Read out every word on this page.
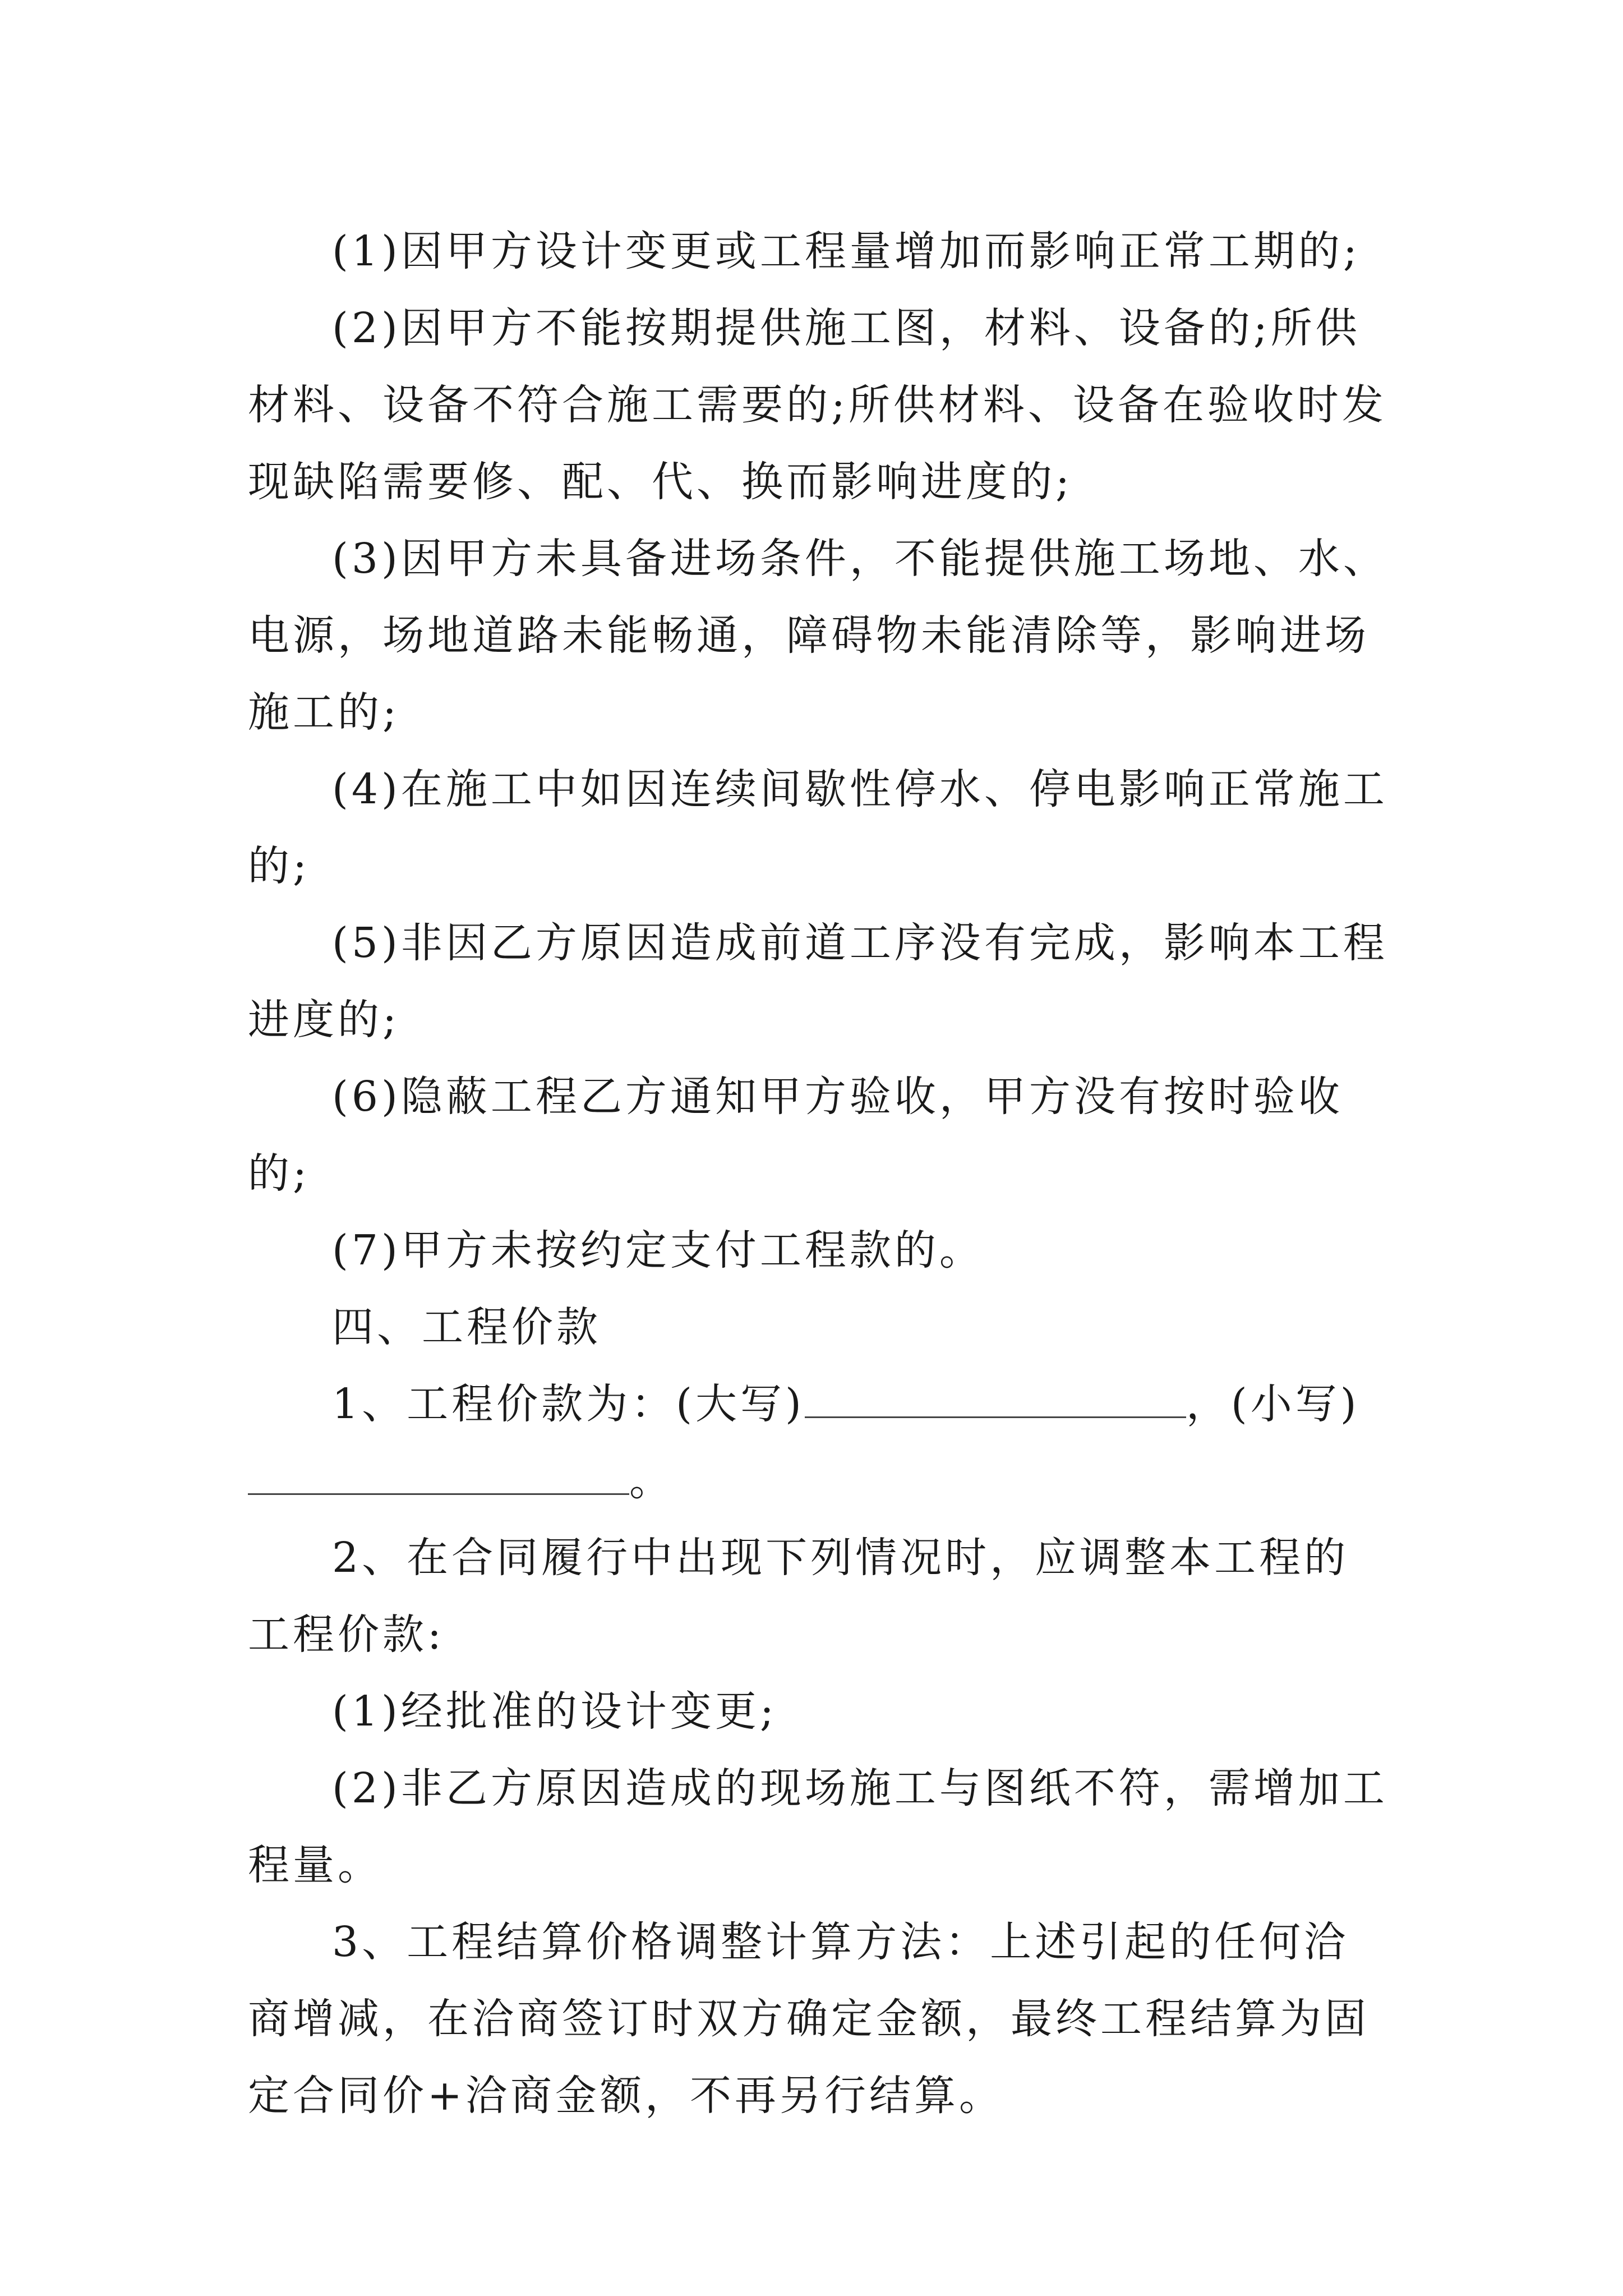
(1)因甲方设计变更或工程量增加而影响正常工期的;

(2)因甲方不能按期提供施工图，材料、设备的;所供材料、设备不符合施工需要的;所供材料、设备在验收时发现缺陷需要修、配、代、换而影响进度的;

(3)因甲方未具备进场条件，不能提供施工场地、水、电源，场地道路未能畅通，障碍物未能清除等，影响进场施工的;

(4)在施工中如因连续间歇性停水、停电影响正常施工的;

(5)非因乙方原因造成前道工序没有完成，影响本工程进度的;

(6)隐蔽工程乙方通知甲方验收，甲方没有按时验收的;

(7)甲方未按约定支付工程款的。

四、工程价款

1、工程价款为：(大写)	，(小写)。

2、在合同履行中出现下列情况时，应调整本工程的工程价款:

(1)经批准的设计变更;

(2)非乙方原因造成的现场施工与图纸不符，需增加工程量。

3、工程结算价格调整计算方法：上述引起的任何洽商增减，在洽商签订时双方确定金额，最终工程结算为固定合同价+洽商金额，不再另行结算。
